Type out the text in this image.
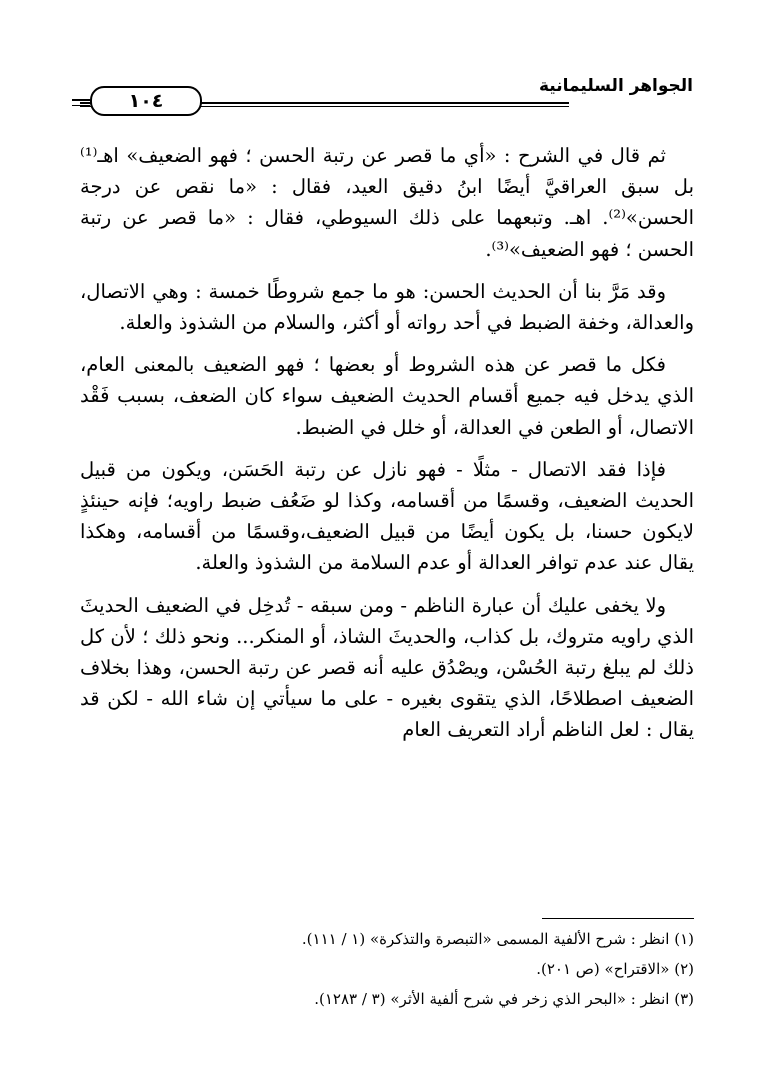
الجواهر السليمانية
١٠٤

ثم قال في الشرح : «أي ما قصر عن رتبة الحسن ؛ فهو الضعيف» اهـ⁽¹⁾ بل سبق العراقيَّ أيضًا ابنُ دقيق العيد، فقال : «ما نقص عن درجة الحسن»⁽²⁾. اهـ. وتبعهما على ذلك السيوطي، فقال : «ما قصر عن رتبة الحسن ؛ فهو الضعيف»⁽³⁾.

وقد مَرَّ بنا أن الحديث الحسن: هو ما جمع شروطًا خمسة : وهي الاتصال، والعدالة، وخفة الضبط في أحد رواته أو أكثر، والسلام من الشذوذ والعلة.

فكل ما قصر عن هذه الشروط أو بعضها ؛ فهو الضعيف بالمعنى العام، الذي يدخل فيه جميع أقسام الحديث الضعيف سواء كان الضعف، بسبب فَقْد الاتصال، أو الطعن في العدالة، أو خلل في الضبط.

فإذا فقد الاتصال - مثلًا - فهو نازل عن رتبة الحَسَن، ويكون من قبيل الحديث الضعيف، وقسمًا من أقسامه، وكذا لو ضَعُف ضبط راويه؛ فإنه حينئذٍ لايكون حسنا، بل يكون أيضًا من قبيل الضعيف،وقسمًا من أقسامه، وهكذا يقال عند عدم توافر العدالة أو عدم السلامة من الشذوذ والعلة.

ولا يخفى عليك أن عبارة الناظم - ومن سبقه - تُدخِل في الضعيف الحديثَ الذي راويه متروك، بل كذاب، والحديثَ الشاذ، أو المنكر... ونحو ذلك ؛ لأن كل ذلك لم يبلغ رتبة الحُسْن، ويصْدُق عليه أنه قصر عن رتبة الحسن، وهذا بخلاف الضعيف اصطلاحًا، الذي يتقوى بغيره - على ما سيأتي إن شاء الله - لكن قد يقال : لعل الناظم أراد التعريف العام

(١) انظر : شرح الألفية المسمى «التبصرة والتذكرة» (١ / ١١١).
(٢) «الاقتراح» (ص ٢٠١).
(٣) انظر : «البحر الذي زخر في شرح ألفية الأثر» (٣ / ١٢٨٣).
